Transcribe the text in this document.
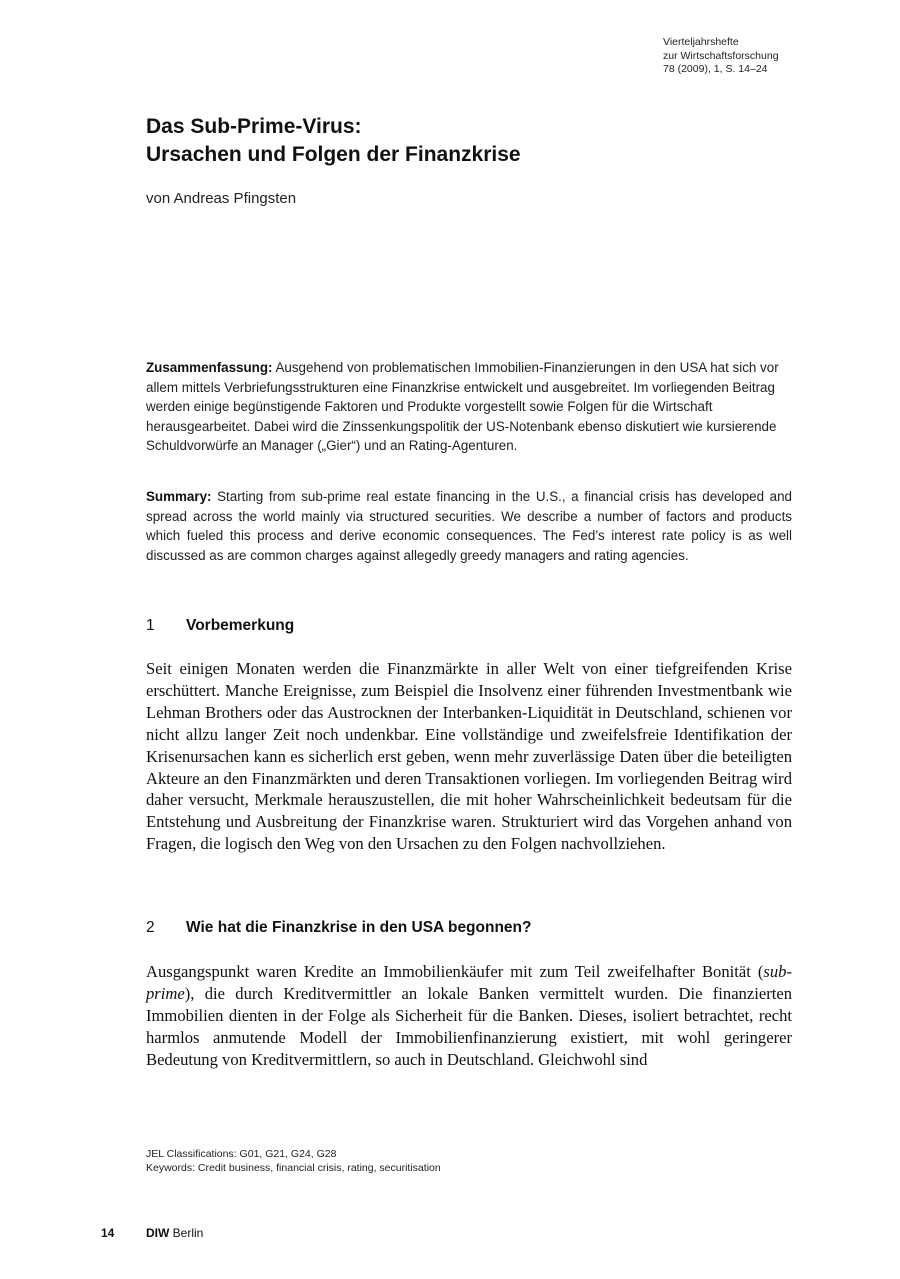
Vierteljahrshefte
zur Wirtschaftsforschung
78 (2009), 1, S. 14–24
Das Sub-Prime-Virus:
Ursachen und Folgen der Finanzkrise
von Andreas Pfingsten
Zusammenfassung: Ausgehend von problematischen Immobilien-Finanzierungen in den USA hat sich vor allem mittels Verbriefungsstrukturen eine Finanzkrise entwickelt und ausgebreitet. Im vorliegenden Beitrag werden einige begünstigende Faktoren und Produkte vorgestellt sowie Folgen für die Wirtschaft herausgearbeitet. Dabei wird die Zinssenkungspolitik der US-Notenbank ebenso diskutiert wie kursierende Schuldvorwürfe an Manager („Gier“) und an Rating-Agenturen.
Summary: Starting from sub-prime real estate financing in the U.S., a financial crisis has developed and spread across the world mainly via structured securities. We describe a number of factors and products which fueled this process and derive economic consequences. The Fed’s interest rate policy is as well discussed as are common charges against allegedly greedy managers and rating agencies.
1 Vorbemerkung
Seit einigen Monaten werden die Finanzmärkte in aller Welt von einer tiefgreifenden Krise erschüttert. Manche Ereignisse, zum Beispiel die Insolvenz einer führenden Investmentbank wie Lehman Brothers oder das Austrocknen der Interbanken-Liquidität in Deutschland, schienen vor nicht allzu langer Zeit noch undenkbar. Eine vollständige und zweifelsfreie Identifikation der Krisenursachen kann es sicherlich erst geben, wenn mehr zuverlässige Daten über die beteiligten Akteure an den Finanzmärkten und deren Transaktionen vorliegen. Im vorliegenden Beitrag wird daher versucht, Merkmale herauszustellen, die mit hoher Wahrscheinlichkeit bedeutsam für die Entstehung und Ausbreitung der Finanzkrise waren. Strukturiert wird das Vorgehen anhand von Fragen, die logisch den Weg von den Ursachen zu den Folgen nachvollziehen.
2 Wie hat die Finanzkrise in den USA begonnen?
Ausgangspunkt waren Kredite an Immobilienkäufer mit zum Teil zweifelhafter Bonität (sub-prime), die durch Kreditvermittler an lokale Banken vermittelt wurden. Die finanzierten Immobilien dienten in der Folge als Sicherheit für die Banken. Dieses, isoliert betrachtet, recht harmlos anmutende Modell der Immobilienfinanzierung existiert, mit wohl geringerer Bedeutung von Kreditvermittlern, so auch in Deutschland. Gleichwohl sind
JEL Classifications: G01, G21, G24, G28
Keywords: Credit business, financial crisis, rating, securitisation
14	DIW Berlin
